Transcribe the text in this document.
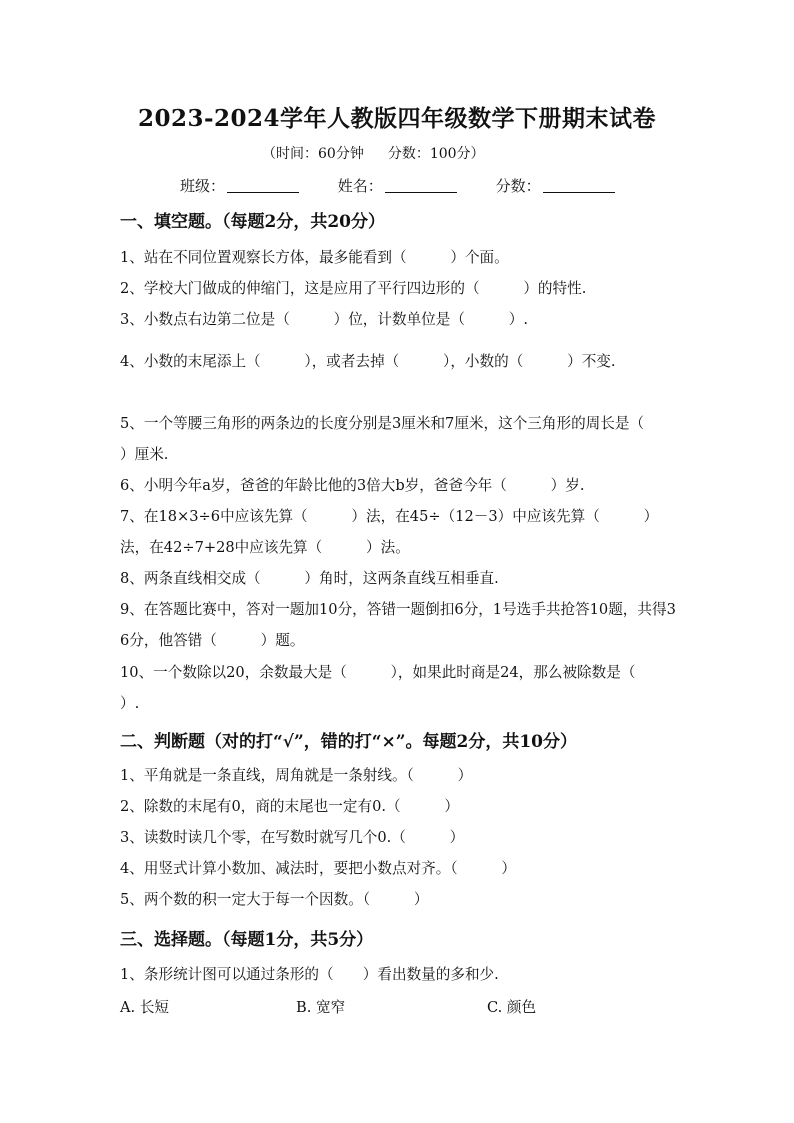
2023-2024学年人教版四年级数学下册期末试卷
（时间：60分钟 分数：100分）
班级：	姓名：	分数：
一、填空题。（每题2分，共20分）
1、站在不同位置观察长方体，最多能看到（　　　）个面。
2、学校大门做成的伸缩门，这是应用了平行四边形的（　　　）的特性.
3、小数点右边第二位是（　　　）位，计数单位是（　　　）.
4、小数的末尾添上（　　　），或者去掉（　　　），小数的（　　　）不变.
5、一个等腰三角形的两条边的长度分别是3厘米和7厘米，这个三角形的周长是（　　　）厘米.
6、小明今年a岁，爸爸的年龄比他的3倍大b岁，爸爸今年（　　　）岁.
7、在18×3÷6中应该先算（　　　）法，在45÷（12－3）中应该先算（　　　）法，在42÷7+28中应该先算（　　　）法。
8、两条直线相交成（　　　）角时，这两条直线互相垂直.
9、在答题比赛中，答对一题加10分，答错一题倒扣6分，1号选手共抢答10题，共得36分，他答错（　　　）题。
10、一个数除以20，余数最大是（　　　），如果此时商是24，那么被除数是（　　　）.
二、判断题（对的打“√”，错的打“×”。每题2分，共10分）
1、平角就是一条直线，周角就是一条射线。（　　　）
2、除数的末尾有0，商的末尾也一定有0.（　　　）
3、读数时读几个零，在写数时就写几个0.（　　　）
4、用竖式计算小数加、减法时，要把小数点对齐。（　　　）
5、两个数的积一定大于每一个因数。（　　　）
三、选择题。（每题1分，共5分）
1、条形统计图可以通过条形的（　　）看出数量的多和少.
A. 长短	B. 宽窄	C. 颜色
